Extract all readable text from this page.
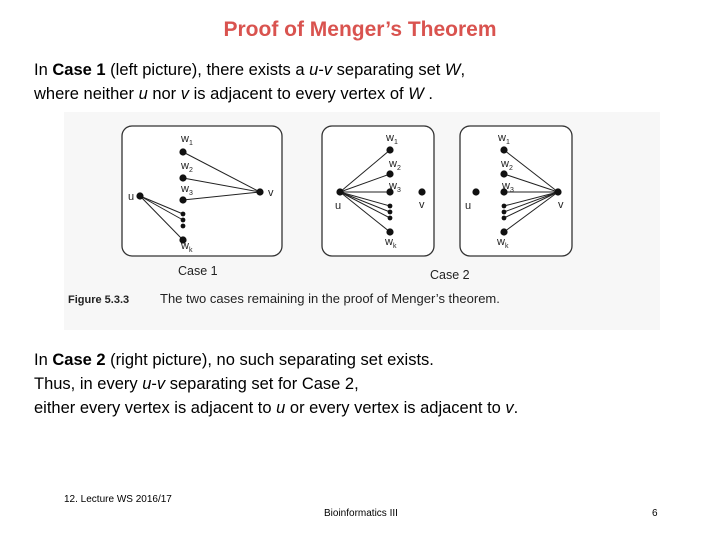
Proof of Menger’s Theorem
In Case 1 (left picture), there exists a u-v separating set W,
where neither u nor v is adjacent to every vertex of W .
$w_1$
$w_2$
$w_3$
$w_k$
u	v
Case 1
$w_1$
$w_2$
$w_3$
$w_k$
u	v
$w_1$
$w_2$
$w_3$
$w_k$
u	v
Case 2
Figure 5.3.3 The two cases remaining in the proof of Menger’s theorem.
In Case 2 (right picture), no such separating set exists.
Thus, in every u-v separating set for Case 2,
either every vertex is adjacent to u or every vertex is adjacent to v.
12. Lecture WS 2016/17
Bioinformatics III	6
